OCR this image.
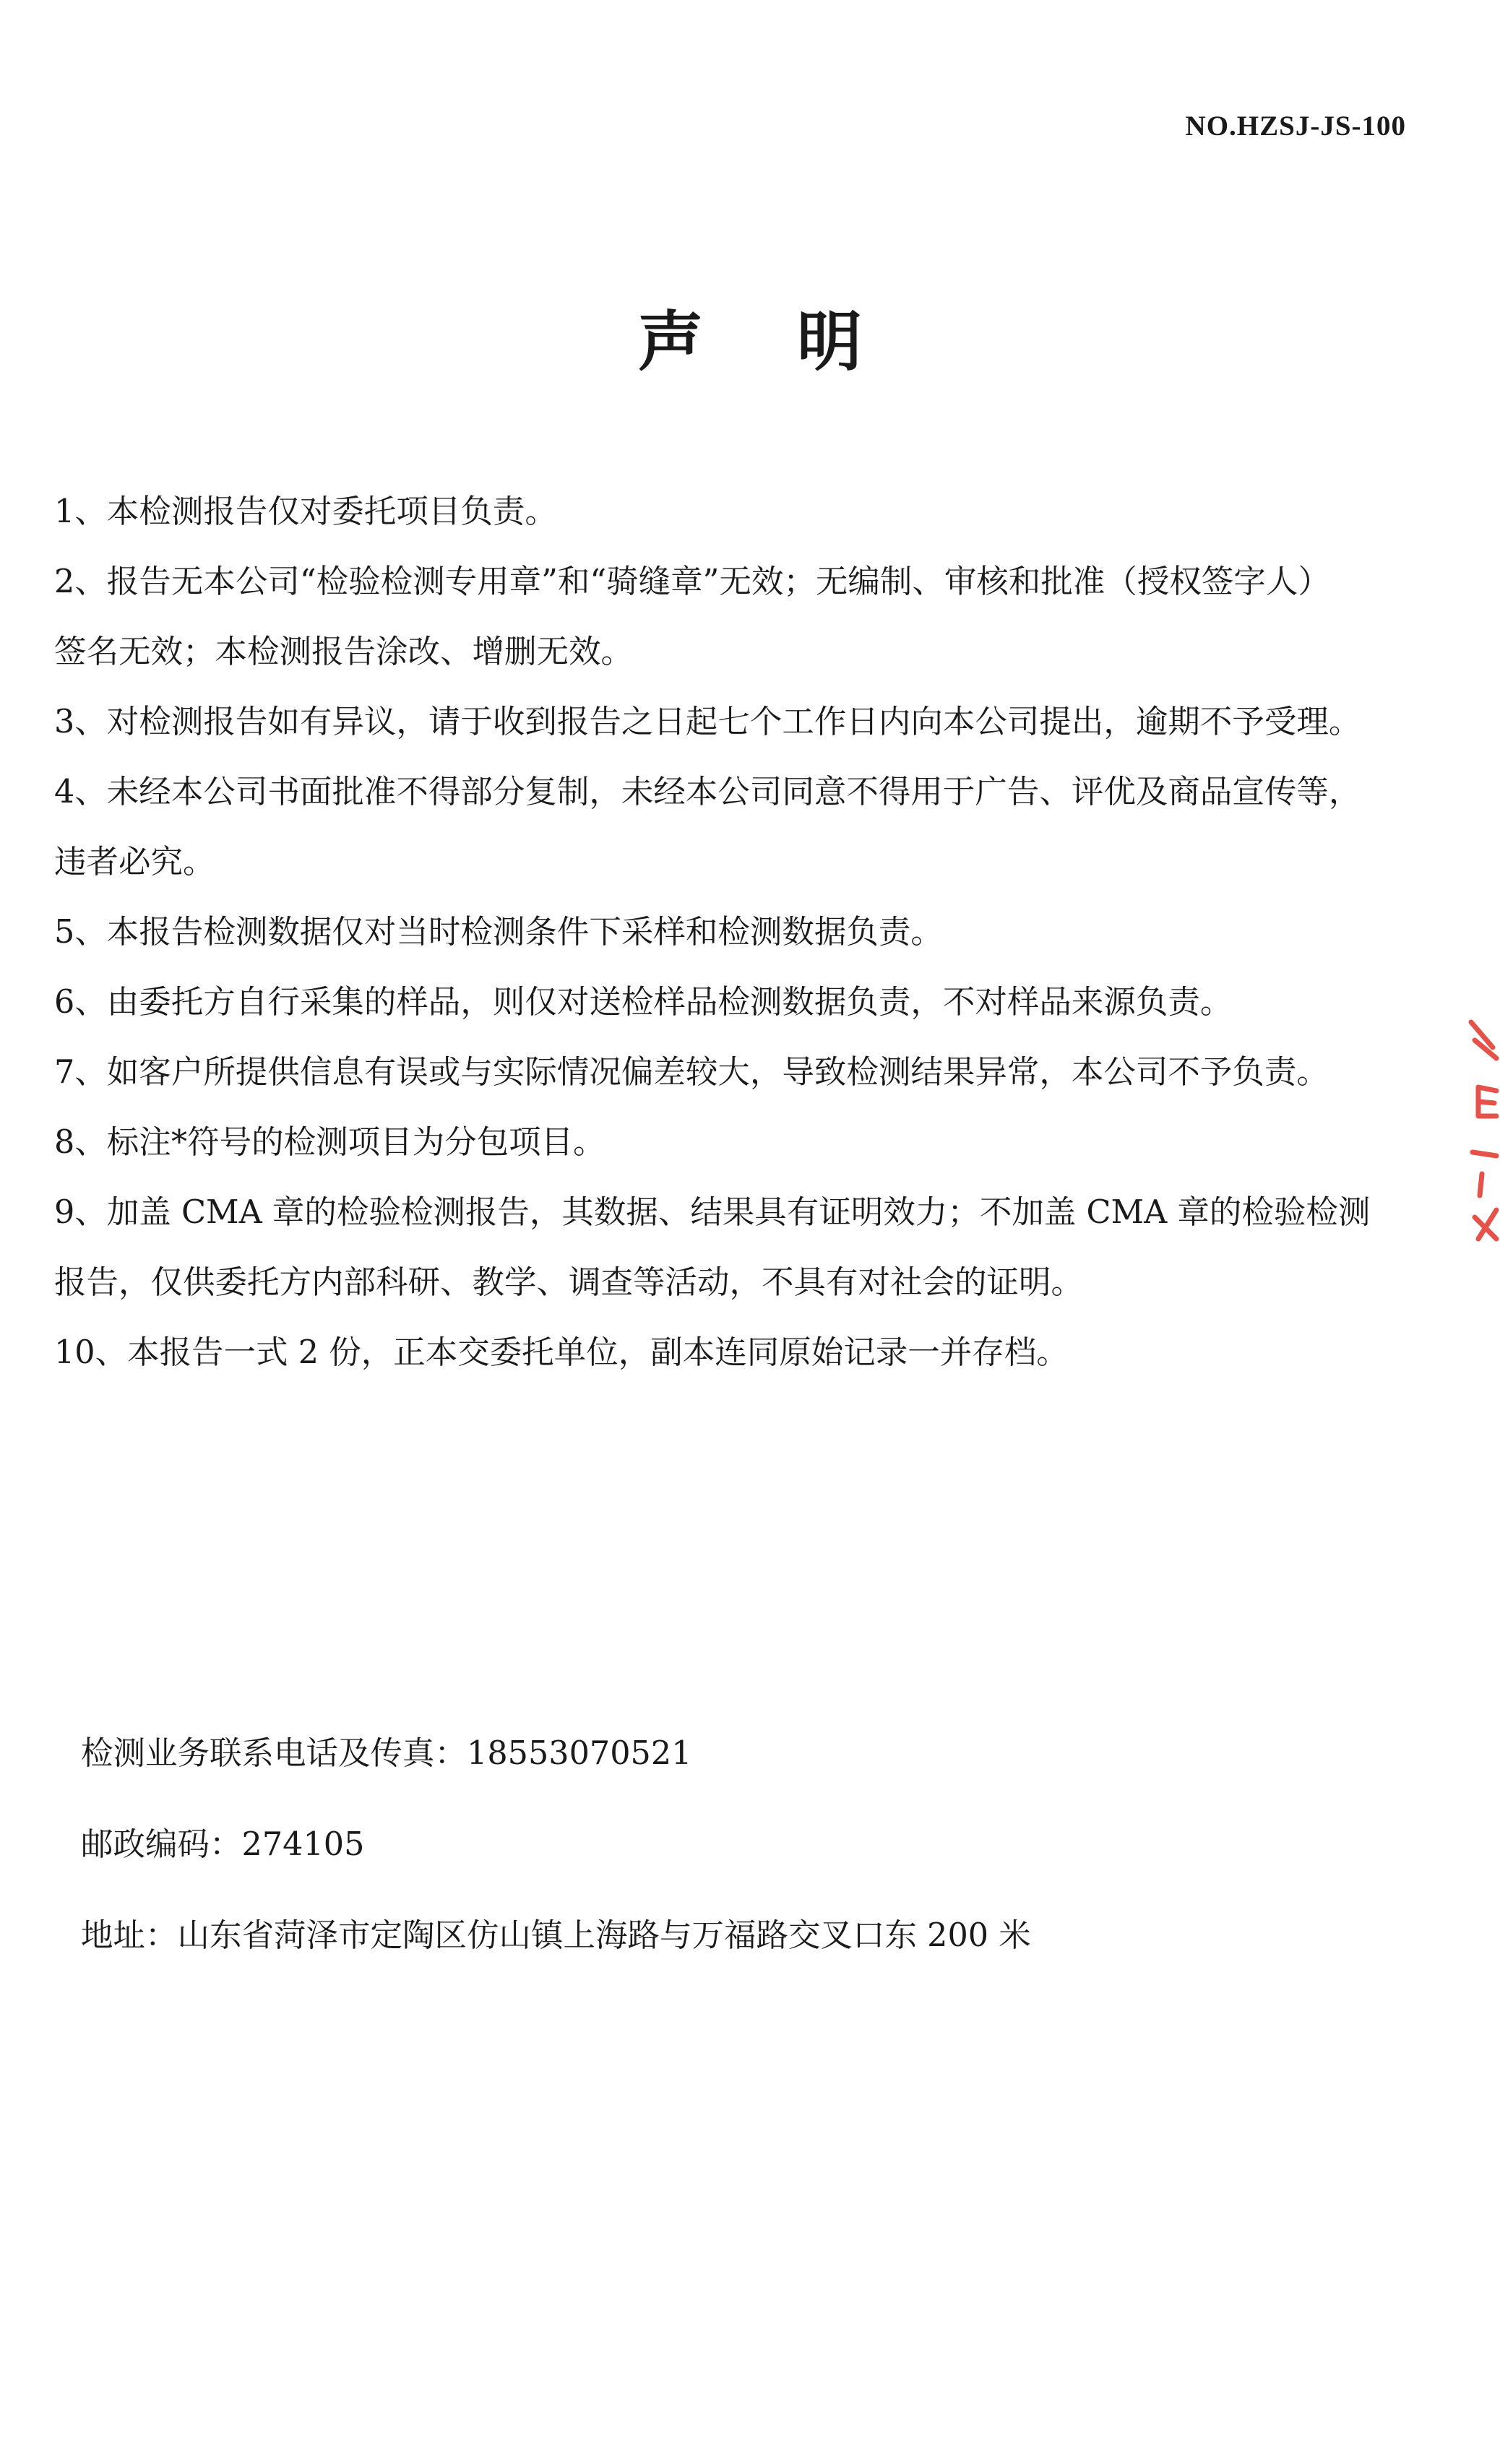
NO.HZSJ-JS-100
声明
1、本检测报告仅对委托项目负责。
2、报告无本公司“检验检测专用章”和“骑缝章”无效；无编制、审核和批准（授权签字人）
签名无效；本检测报告涂改、增删无效。
3、对检测报告如有异议，请于收到报告之日起七个工作日内向本公司提出，逾期不予受理。
4、未经本公司书面批准不得部分复制，未经本公司同意不得用于广告、评优及商品宣传等，
违者必究。
5、本报告检测数据仅对当时检测条件下采样和检测数据负责。
6、由委托方自行采集的样品，则仅对送检样品检测数据负责，不对样品来源负责。
7、如客户所提供信息有误或与实际情况偏差较大，导致检测结果异常，本公司不予负责。
8、标注*符号的检测项目为分包项目。
9、加盖 CMA 章的检验检测报告，其数据、结果具有证明效力；不加盖 CMA 章的检验检测
报告，仅供委托方内部科研、教学、调查等活动，不具有对社会的证明。
10、本报告一式 2 份，正本交委托单位，副本连同原始记录一并存档。

检测业务联系电话及传真：18553070521

邮政编码：274105

地址：山东省菏泽市定陶区仿山镇上海路与万福路交叉口东 200 米
